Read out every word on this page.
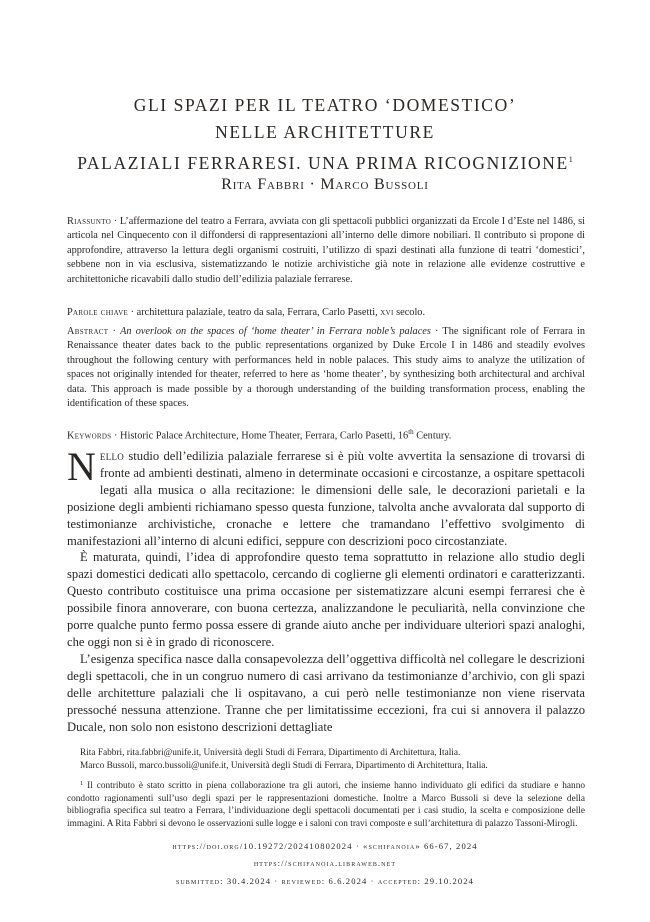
GLI SPAZI PER IL TEATRO ‘DOMESTICO’
NELLE ARCHITETTURE
PALAZIALI FERRARESI. UNA PRIMA RICOGNIZIONE$^1$
Rita Fabbri · Marco Bussoli
Riassunto · L’affermazione del teatro a Ferrara, avviata con gli spettacoli pubblici organizzati da Ercole I d’Este nel 1486, si articola nel Cinquecento con il diffondersi di rappresentazioni all’interno delle dimore nobiliari. Il contributo si propone di approfondire, attraverso la lettura degli organismi costruiti, l’utilizzo di spazi destinati alla funzione di teatri ‘domestici’, sebbene non in via esclusiva, sistematizzando le notizie archivistiche già note in relazione alle evidenze costruttive e architettoniche ricavabili dallo studio dell’edilizia palaziale ferrarese.
Parole chiave · architettura palaziale, teatro da sala, Ferrara, Carlo Pasetti, xvi secolo.
Abstract · An overlook on the spaces of ‘home theater’ in Ferrara noble’s palaces · The significant role of Ferrara in Renaissance theater dates back to the public representations organized by Duke Ercole I in 1486 and steadily evolves throughout the following century with performances held in noble palaces. This study aims to analyze the utilization of spaces not originally intended for theater, referred to here as ‘home theater’, by synthesizing both architectural and archival data. This approach is made possible by a thorough understanding of the building transformation process, enabling the identification of these spaces.
Keywords · Historic Palace Architecture, Home Theater, Ferrara, Carlo Pasetti, 16th Century.

Nello studio dell’edilizia palaziale ferrarese si è più volte avvertita la sensazione di trovarsi di fronte ad ambienti destinati, almeno in determinate occasioni e circostanze, a ospitare spettacoli legati alla musica o alla recitazione: le dimensioni delle sale, le decorazioni parietali e la posizione degli ambienti richiamano spesso questa funzione, talvolta anche avvalorata dal supporto di testimonianze archivistiche, cronache e lettere che tramandano l’effettivo svolgimento di manifestazioni all’interno di alcuni edifici, seppure con descrizioni poco circostanziate.

È maturata, quindi, l’idea di approfondire questo tema soprattutto in relazione allo studio degli spazi domestici dedicati allo spettacolo, cercando di coglierne gli elementi ordinatori e caratterizzanti. Questo contributo costituisce una prima occasione per sistematizzare alcuni esempi ferraresi che è possibile finora annoverare, con buona certezza, analizzandone le peculiarità, nella convinzione che porre qualche punto fermo possa essere di grande aiuto anche per individuare ulteriori spazi analoghi, che oggi non si è in grado di riconoscere.

L’esigenza specifica nasce dalla consapevolezza dell’oggettiva difficoltà nel collegare le descrizioni degli spettacoli, che in un congruo numero di casi arrivano da testimonianze d’archivio, con gli spazi delle architetture palaziali che li ospitavano, a cui però nelle testimonianze non viene riservata pressoché nessuna attenzione. Tranne che per limitatissime eccezioni, fra cui si annovera il palazzo Ducale, non solo non esistono descrizioni dettagliate

Rita Fabbri, rita.fabbri@unife.it, Università degli Studi di Ferrara, Dipartimento di Architettura, Italia.

Marco Bussoli, marco.bussoli@unife.it, Università degli Studi di Ferrara, Dipartimento di Architettura, Italia.

$^1$ Il contributo è stato scritto in piena collaborazione tra gli autori, che insieme hanno individuato gli edifici da studiare e hanno condotto ragionamenti sull’uso degli spazi per le rappresentazioni domestiche. Inoltre a Marco Bussoli si deve la selezione della bibliografia specifica sul teatro a Ferrara, l’individuazione degli spettacoli documentati per i casi studio, la scelta e composizione delle immagini. A Rita Fabbri si devono le osservazioni sulle logge e i saloni con travi composte e sull’architettura di palazzo Tassoni-Mirogli.

https://doi.org/10.19272/202410802024 · «schifanoia» 66-67, 2024
https://schifanoia.libraweb.net
submitted: 30.4.2024 · reviewed: 6.6.2024 · accepted: 29.10.2024
